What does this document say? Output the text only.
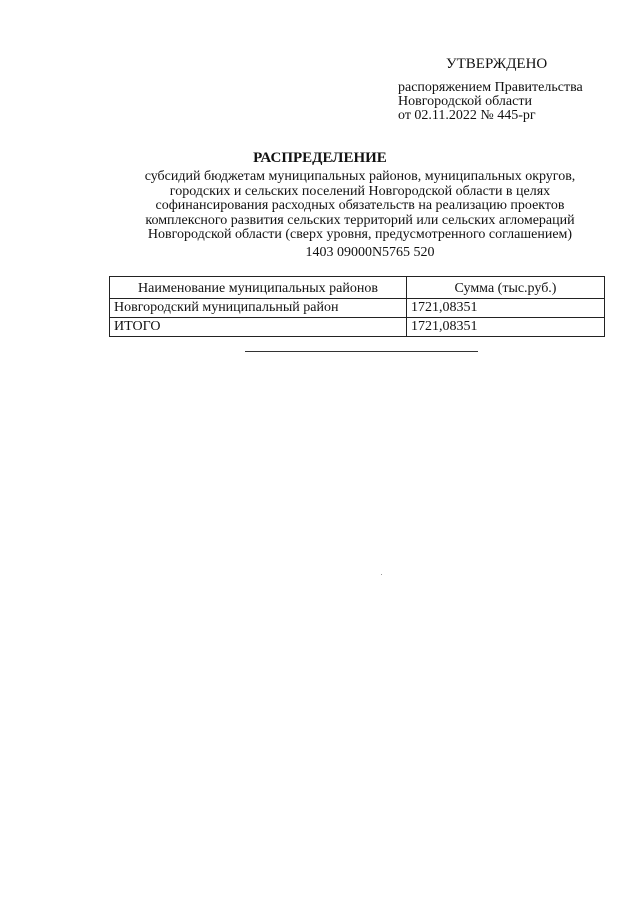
УТВЕРЖДЕНО
распоряжением Правительства
Новгородской области
от 02.11.2022 № 445-рг
РАСПРЕДЕЛЕНИЕ
субсидий бюджетам муниципальных районов, муниципальных округов,
городских и сельских поселений Новгородской области в целях
софинансирования расходных обязательств на реализацию проектов
комплексного развития сельских территорий или сельских агломераций
Новгородской области (сверх уровня, предусмотренного соглашением)
1403 09000N5765 520
Наименование муниципальных районов	Сумма (тыс.руб.)
Новгородский муниципальный район	1721,08351
ИТОГО	1721,08351
